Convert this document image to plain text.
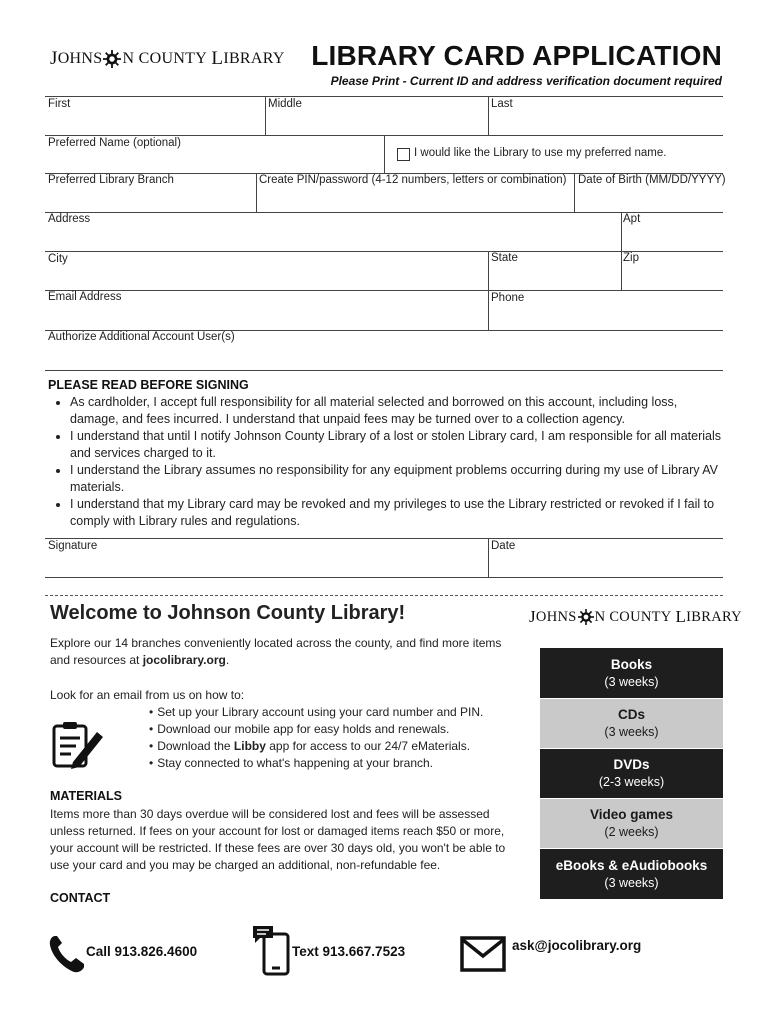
J OHNS N
COUNTY
L IBRARY LIBRARY CARD APPLICATION
Please Print - Current ID and address verification document required
First	Middle	Last
Preferred Name (optional)
I would like the Library to use my preferred name.
Preferred Library Branch	Create PIN/password (4-12 numbers, letters or combination) Date of Birth (MM/DD/YYYY)
Address	Apt
City	State	Zip
Email Address	Phone
Authorize Additional Account User(s)
PLEASE READ BEFORE SIGNING
• As cardholder, I accept full responsibility for all material selected and borrowed on this account, including loss, damage, and fees incurred. I understand that unpaid fees may be turned over to a collection agency.
• I understand that until I notify Johnson County Library of a lost or stolen Library card, I am responsible for all materials and services charged to it.
• I understand the Library assumes no responsibility for any equipment problems occurring during my use of Library AV materials.
• I understand that my Library card may be revoked and my privileges to use the Library restricted or revoked if I fail to comply with Library rules and regulations.
Signature	Date
Welcome to Johnson County Library!	J OHNS N
COUNTY
L IBRARY
Explore our 14 branches conveniently located across the county, and find more items and resources at jocolibrary.org.
Look for an email from us on how to:
• Set up your Library account using your card number and PIN.
• Download our mobile app for easy holds and renewals.
• Download the Libby app for access to our 24/7 eMaterials.
• Stay connected to what's happening at your branch.
MATERIALS
Items more than 30 days overdue will be considered lost and fees will be assessed unless returned. If fees on your account for lost or damaged items reach $50 or more, your account will be restricted. If these fees are over 30 days old, you won't be able to use your card and you may be charged an additional, non-refundable fee.
CONTACT
Books
(3 weeks)
CDs
(3 weeks)
DVDs
(2-3 weeks)
Video games
(2 weeks)
eBooks & eAudiobooks
(3 weeks)
Call 913.826.4600	Text 913.667.7523	ask@jocolibrary.org
